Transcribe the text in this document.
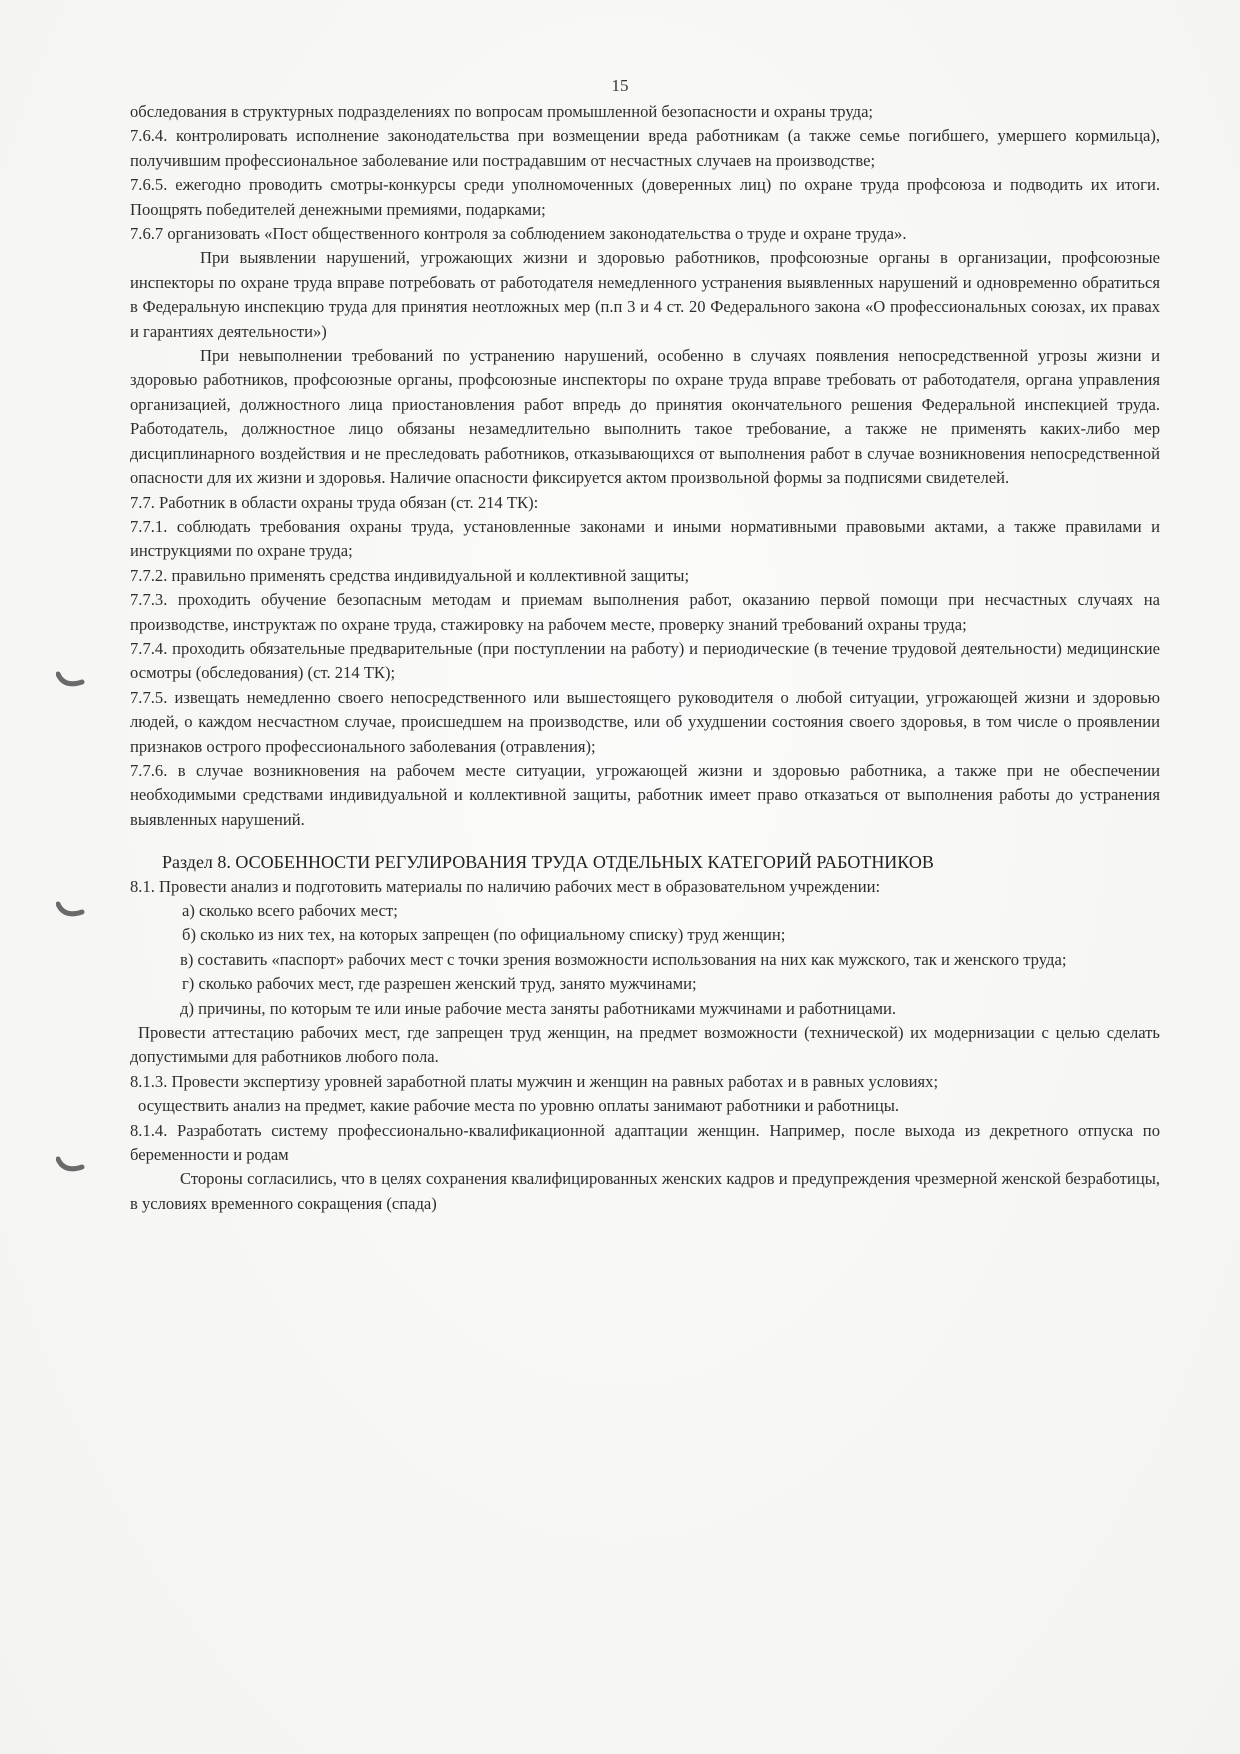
15

обследования в структурных подразделениях по вопросам промышленной безопасности и охраны труда;

7.6.4. контролировать исполнение законодательства при возмещении вреда работникам (а также семье погибшего, умершего кормильца), получившим профессиональное заболевание или пострадавшим от несчастных случаев на производстве;

7.6.5. ежегодно проводить смотры-конкурсы среди уполномоченных (доверенных лиц) по охране труда профсоюза и подводить их итоги. Поощрять победителей денежными премиями, подарками;

7.6.7 организовать «Пост общественного контроля за соблюдением законодательства о труде и охране труда».

При выявлении нарушений, угрожающих жизни и здоровью работников, профсоюзные органы в организации, профсоюзные инспекторы по охране труда вправе потребовать от работодателя немедленного устранения выявленных нарушений и одновременно обратиться в Федеральную инспекцию труда для принятия неотложных мер (п.п 3 и 4 ст. 20 Федерального закона «О профессиональных союзах, их правах и гарантиях деятельности»)

При невыполнении требований по устранению нарушений, особенно в случаях появления непосредственной угрозы жизни и здоровью работников, профсоюзные органы, профсоюзные инспекторы по охране труда вправе требовать от работодателя, органа управления организацией, должностного лица приостановления работ впредь до принятия окончательного решения Федеральной инспекцией труда. Работодатель, должностное лицо обязаны незамедлительно выполнить такое требование, а также не применять каких-либо мер дисциплинарного воздействия и не преследовать работников, отказывающихся от выполнения работ в случае возникновения непосредственной опасности для их жизни и здоровья. Наличие опасности фиксируется актом произвольной формы за подписями свидетелей.

7.7. Работник в области охраны труда обязан (ст. 214 ТК):

7.7.1. соблюдать требования охраны труда, установленные законами и иными нормативными правовыми актами, а также правилами и инструкциями по охране труда;

7.7.2. правильно применять средства индивидуальной и коллективной защиты;

7.7.3. проходить обучение безопасным методам и приемам выполнения работ, оказанию первой помощи при несчастных случаях на производстве, инструктаж по охране труда, стажировку на рабочем месте, проверку знаний требований охраны труда;

7.7.4. проходить обязательные предварительные (при поступлении на работу) и периодические (в течение трудовой деятельности) медицинские осмотры (обследования) (ст. 214 ТК);

7.7.5. извещать немедленно своего непосредственного или вышестоящего руководителя о любой ситуации, угрожающей жизни и здоровью людей, о каждом несчастном случае, происшедшем на производстве, или об ухудшении состояния своего здоровья, в том числе о проявлении признаков острого профессионального заболевания (отравления);

7.7.6. в случае возникновения на рабочем месте ситуации, угрожающей жизни и здоровью работника, а также при не обеспечении необходимыми средствами индивидуальной и коллективной защиты, работник имеет право отказаться от выполнения работы до устранения выявленных нарушений.

Раздел 8. ОСОБЕННОСТИ РЕГУЛИРОВАНИЯ ТРУДА ОТДЕЛЬНЫХ КАТЕГОРИЙ РАБОТНИКОВ

8.1. Провести анализ и подготовить материалы по наличию рабочих мест в образовательном учреждении:

а) сколько всего рабочих мест;

б) сколько из них тех, на которых запрещен (по официальному списку) труд женщин;

в) составить «паспорт» рабочих мест с точки зрения возможности использования на них как мужского, так и женского труда;

г) сколько рабочих мест, где разрешен женский труд, занято мужчинами;

д) причины, по которым те или иные рабочие места заняты работниками мужчинами и работницами.

Провести аттестацию рабочих мест, где запрещен труд женщин, на предмет возможности (технической) их модернизации с целью сделать допустимыми для работников любого пола.

8.1.3. Провести экспертизу уровней заработной платы мужчин и женщин на равных работах и в равных условиях;

осуществить анализ на предмет, какие рабочие места по уровню оплаты занимают работники и работницы.

8.1.4. Разработать систему профессионально-квалификационной адаптации женщин. Например, после выхода из декретного отпуска по беременности и родам

Стороны согласились, что в целях сохранения квалифицированных женских кадров и предупреждения чрезмерной женской безработицы, в условиях временного сокращения (спада)
